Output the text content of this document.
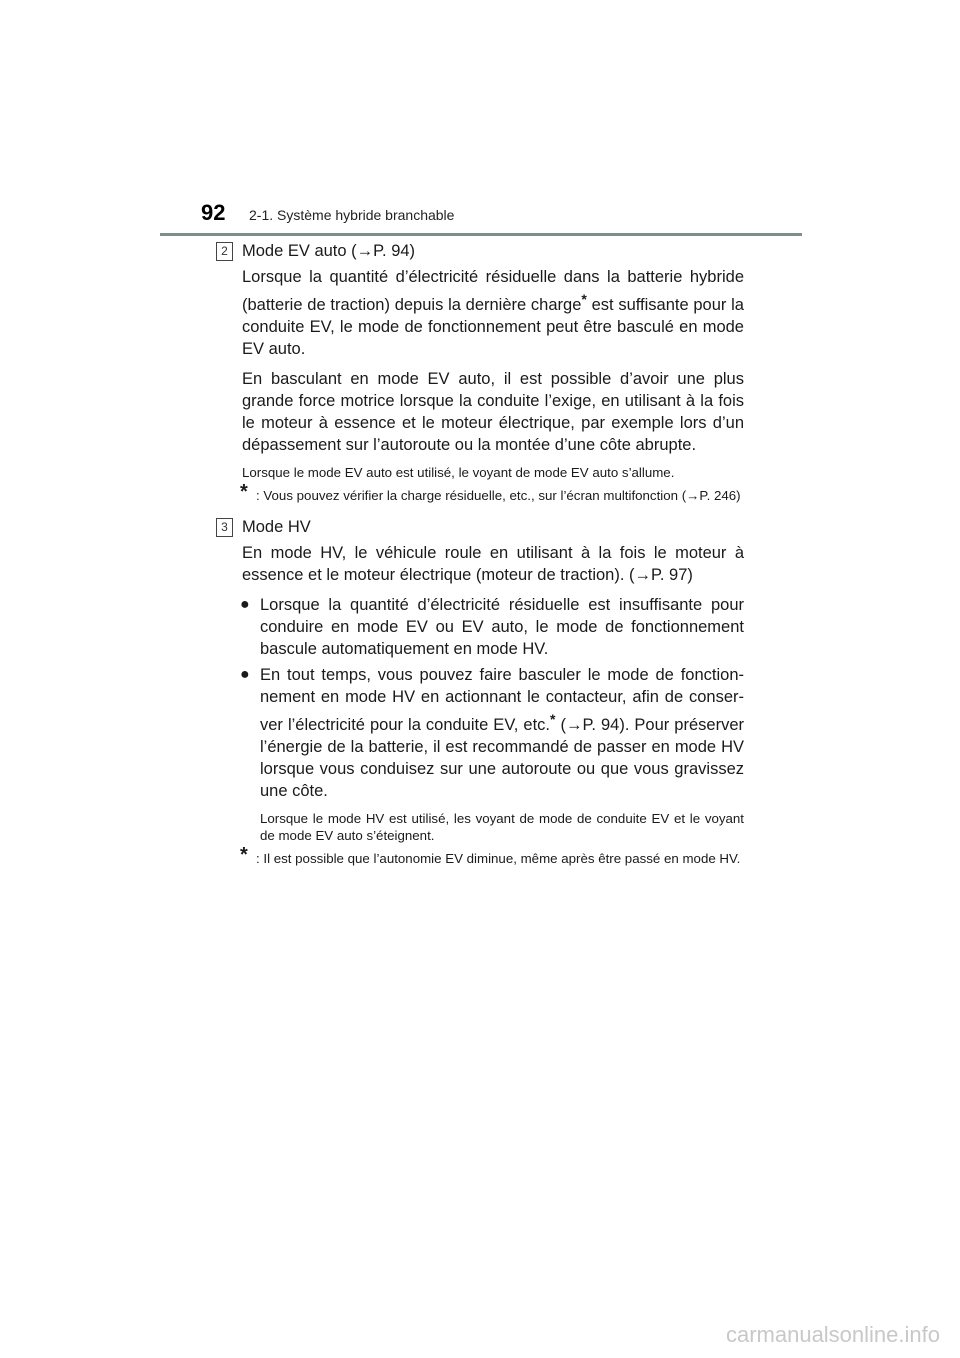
92 2-1. Système hybride branchable
2 Mode EV auto (→P. 94)

Lorsque la quantité d’électricité résiduelle dans la batterie hybride (batterie de traction) depuis la dernière charge* est suffisante pour la conduite EV, le mode de fonctionnement peut être basculé en mode EV auto.

En basculant en mode EV auto, il est possible d’avoir une plus grande force motrice lorsque la conduite l’exige, en utilisant à la fois le moteur à essence et le moteur électrique, par exemple lors d’un dépassement sur l’autoroute ou la montée d’une côte abrupte.

Lorsque le mode EV auto est utilisé, le voyant de mode EV auto s’allume.

* : Vous pouvez vérifier la charge résiduelle, etc., sur l’écran multifonction (→P. 246)
3 Mode HV

En mode HV, le véhicule roule en utilisant à la fois le moteur à essence et le moteur électrique (moteur de traction). (→P. 97)

● Lorsque la quantité d’électricité résiduelle est insuffisante pour conduire en mode EV ou EV auto, le mode de fonctionnement bascule automatiquement en mode HV.
● En tout temps, vous pouvez faire basculer le mode de fonction-nement en mode HV en actionnant le contacteur, afin de conser-ver l’électricité pour la conduite EV, etc.* (→P. 94). Pour préserver l’énergie de la batterie, il est recommandé de passer en mode HV lorsque vous conduisez sur une autoroute ou que vous gravissez une côte.

Lorsque le mode HV est utilisé, les voyant de mode de conduite EV et le voyant de mode EV auto s’éteignent.

* : Il est possible que l’autonomie EV diminue, même après être passé en mode HV.
carmanualsonline.info
